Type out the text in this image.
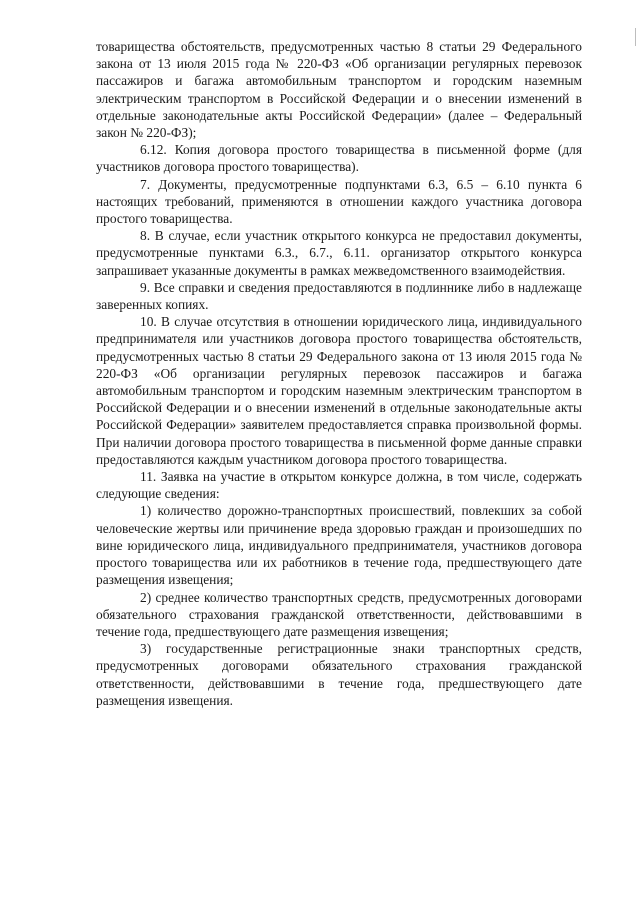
товарищества обстоятельств, предусмотренных частью 8 статьи 29 Федерального закона от 13 июля 2015 года № 220-ФЗ «Об организации регулярных перевозок пассажиров и багажа автомобильным транспортом и городским наземным электрическим транспортом в Российской Федерации и о внесении изменений в отдельные законодательные акты Российской Федерации» (далее – Федеральный закон № 220-ФЗ);

6.12. Копия договора простого товарищества в письменной форме (для участников договора простого товарищества).

7. Документы, предусмотренные подпунктами 6.3, 6.5 – 6.10 пункта 6 настоящих требований, применяются в отношении каждого участника договора простого товарищества.

8. В случае, если участник открытого конкурса не предоставил документы, предусмотренные пунктами 6.3., 6.7., 6.11. организатор открытого конкурса запрашивает указанные документы в рамках межведомственного взаимодействия.

9. Все справки и сведения предоставляются в подлиннике либо в надлежаще заверенных копиях.

10. В случае отсутствия в отношении юридического лица, индивидуального предпринимателя или участников договора простого товарищества обстоятельств, предусмотренных частью 8 статьи 29 Федерального закона от 13 июля 2015 года № 220-ФЗ «Об организации регулярных перевозок пассажиров и багажа автомобильным транспортом и городским наземным электрическим транспортом в Российской Федерации и о внесении изменений в отдельные законодательные акты Российской Федерации» заявителем предоставляется справка произвольной формы. При наличии договора простого товарищества в письменной форме данные справки предоставляются каждым участником договора простого товарищества.

11. Заявка на участие в открытом конкурсе должна, в том числе, содержать следующие сведения:

1) количество дорожно-транспортных происшествий, повлекших за собой человеческие жертвы или причинение вреда здоровью граждан и произошедших по вине юридического лица, индивидуального предпринимателя, участников договора простого товарищества или их работников в течение года, предшествующего дате размещения извещения;

2) среднее количество транспортных средств, предусмотренных договорами обязательного страхования гражданской ответственности, действовавшими в течение года, предшествующего дате размещения извещения;

3) государственные регистрационные знаки транспортных средств, предусмотренных договорами обязательного страхования гражданской ответственности, действовавшими в течение года, предшествующего дате размещения извещения.
